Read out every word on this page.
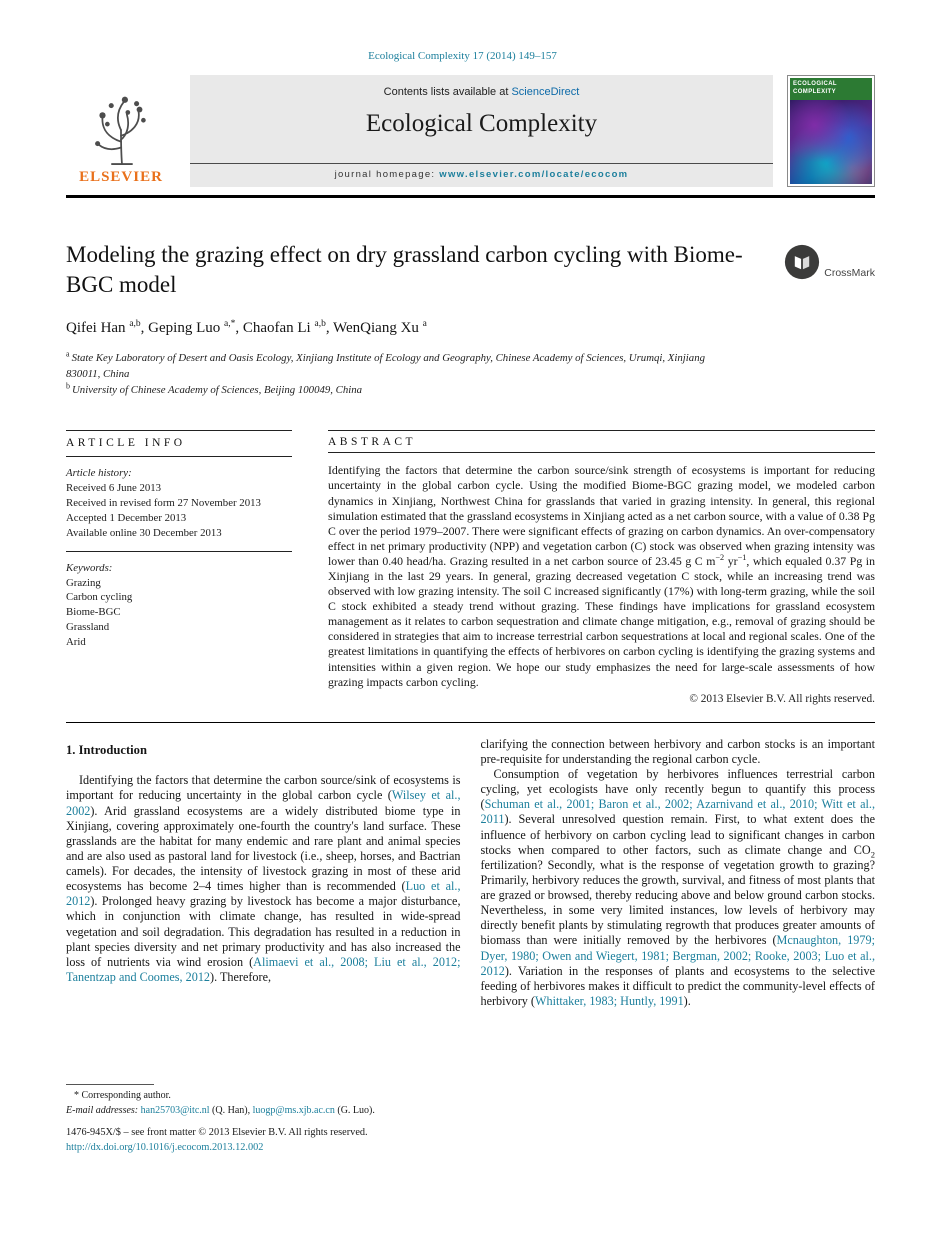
Ecological Complexity 17 (2014) 149–157
ELSEVIER
Contents lists available at ScienceDirect
Ecological Complexity
journal homepage: www.elsevier.com/locate/ecocom
ECOLOGICAL
COMPLEXITY
Modeling the grazing effect on dry grassland carbon cycling with Biome-BGC model	CrossMark
Qifei Han $^{a,b}$, Geping Luo $^{a,*}$, Chaofan Li $^{a,b}$, WenQiang Xu $^a$

$^a$ State Key Laboratory of Desert and Oasis Ecology, Xinjiang Institute of Ecology and Geography, Chinese Academy of Sciences, Urumqi, Xinjiang 830011, China

$^b$ University of Chinese Academy of Sciences, Beijing 100049, China

ARTICLE INFO

Article history:

Received 6 June 2013

Received in revised form 27 November 2013

Accepted 1 December 2013

Available online 30 December 2013

Keywords:

Grazing

Carbon cycling

Biome-BGC

Grassland

Arid

ABSTRACT

Identifying the factors that determine the carbon source/sink strength of ecosystems is important for reducing uncertainty in the global carbon cycle. Using the modified Biome-BGC grazing model, we modeled carbon dynamics in Xinjiang, Northwest China for grasslands that varied in grazing intensity. In general, this regional simulation estimated that the grassland ecosystems in Xinjiang acted as a net carbon source, with a value of 0.38 Pg C over the period 1979–2007. There were significant effects of grazing on carbon dynamics. An over-compensatory effect in net primary productivity (NPP) and vegetation carbon (C) stock was observed when grazing intensity was lower than 0.40 head/ha. Grazing resulted in a net carbon source of 23.45 g C $m^{-2}$ $yr^{-1}$, which equaled 0.37 Pg in Xinjiang in the last 29 years. In general, grazing decreased vegetation C stock, while an increasing trend was observed with low grazing intensity. The soil C increased significantly (17%) with long-term grazing, while the soil C stock exhibited a steady trend without grazing. These findings have implications for grassland ecosystem management as it relates to carbon sequestration and climate change mitigation, e.g., removal of grazing should be considered in strategies that aim to increase terrestrial carbon sequestrations at local and regional scales. One of the greatest limitations in quantifying the effects of herbivores on carbon cycling is identifying the grazing systems and intensities within a given region. We hope our study emphasizes the need for large-scale assessments of how grazing impacts carbon cycling.

© 2013 Elsevier B.V. All rights reserved.

1. Introduction

Identifying the factors that determine the carbon source/sink of ecosystems is important for reducing uncertainty in the global carbon cycle (Wilsey et al., 2002). Arid grassland ecosystems are a widely distributed biome type in Xinjiang, covering approximately one-fourth the country's land surface. These grasslands are the habitat for many endemic and rare plant and animal species and are also used as pastoral land for livestock (i.e., sheep, horses, and Bactrian camels). For decades, the intensity of livestock grazing in most of these arid ecosystems has become 2–4 times higher than is recommended (Luo et al., 2012). Prolonged heavy grazing by livestock has become a major disturbance, which in conjunction with climate change, has resulted in wide-spread vegetation and soil degradation. This degradation has resulted in a reduction in plant species diversity and net primary productivity and has also increased the loss of nutrients via wind erosion (Alimaevi et al., 2008; Liu et al., 2012; Tanentzap and Coomes, 2012). Therefore,

clarifying the connection between herbivory and carbon stocks is an important pre-requisite for understanding the regional carbon cycle.

Consumption of vegetation by herbivores influences terrestrial carbon cycling, yet ecologists have only recently begun to quantify this process (Schuman et al., 2001; Baron et al., 2002; Azarnivand et al., 2010; Witt et al., 2011). Several unresolved question remain. First, to what extent does the influence of herbivory on carbon cycling lead to significant changes in carbon stocks when compared to other factors, such as climate change and $CO_2$ fertilization? Secondly, what is the response of vegetation growth to grazing? Primarily, herbivory reduces the growth, survival, and fitness of most plants that are grazed or browsed, thereby reducing above and below ground carbon stocks. Nevertheless, in some very limited instances, low levels of herbivory may directly benefit plants by stimulating regrowth that produces greater amounts of biomass than were initially removed by the herbivores (Mcnaughton, 1979; Dyer, 1980; Owen and Wiegert, 1981; Bergman, 2002; Rooke, 2003; Luo et al., 2012). Variation in the responses of plants and ecosystems to the selective feeding of herbivores makes it difficult to predict the community-level effects of herbivory (Whittaker, 1983; Huntly, 1991).

* Corresponding author.

E-mail addresses: han25703@itc.nl (Q. Han), luogp@ms.xjb.ac.cn (G. Luo).

1476-945X/$ – see front matter © 2013 Elsevier B.V. All rights reserved.

http://dx.doi.org/10.1016/j.ecocom.2013.12.002
